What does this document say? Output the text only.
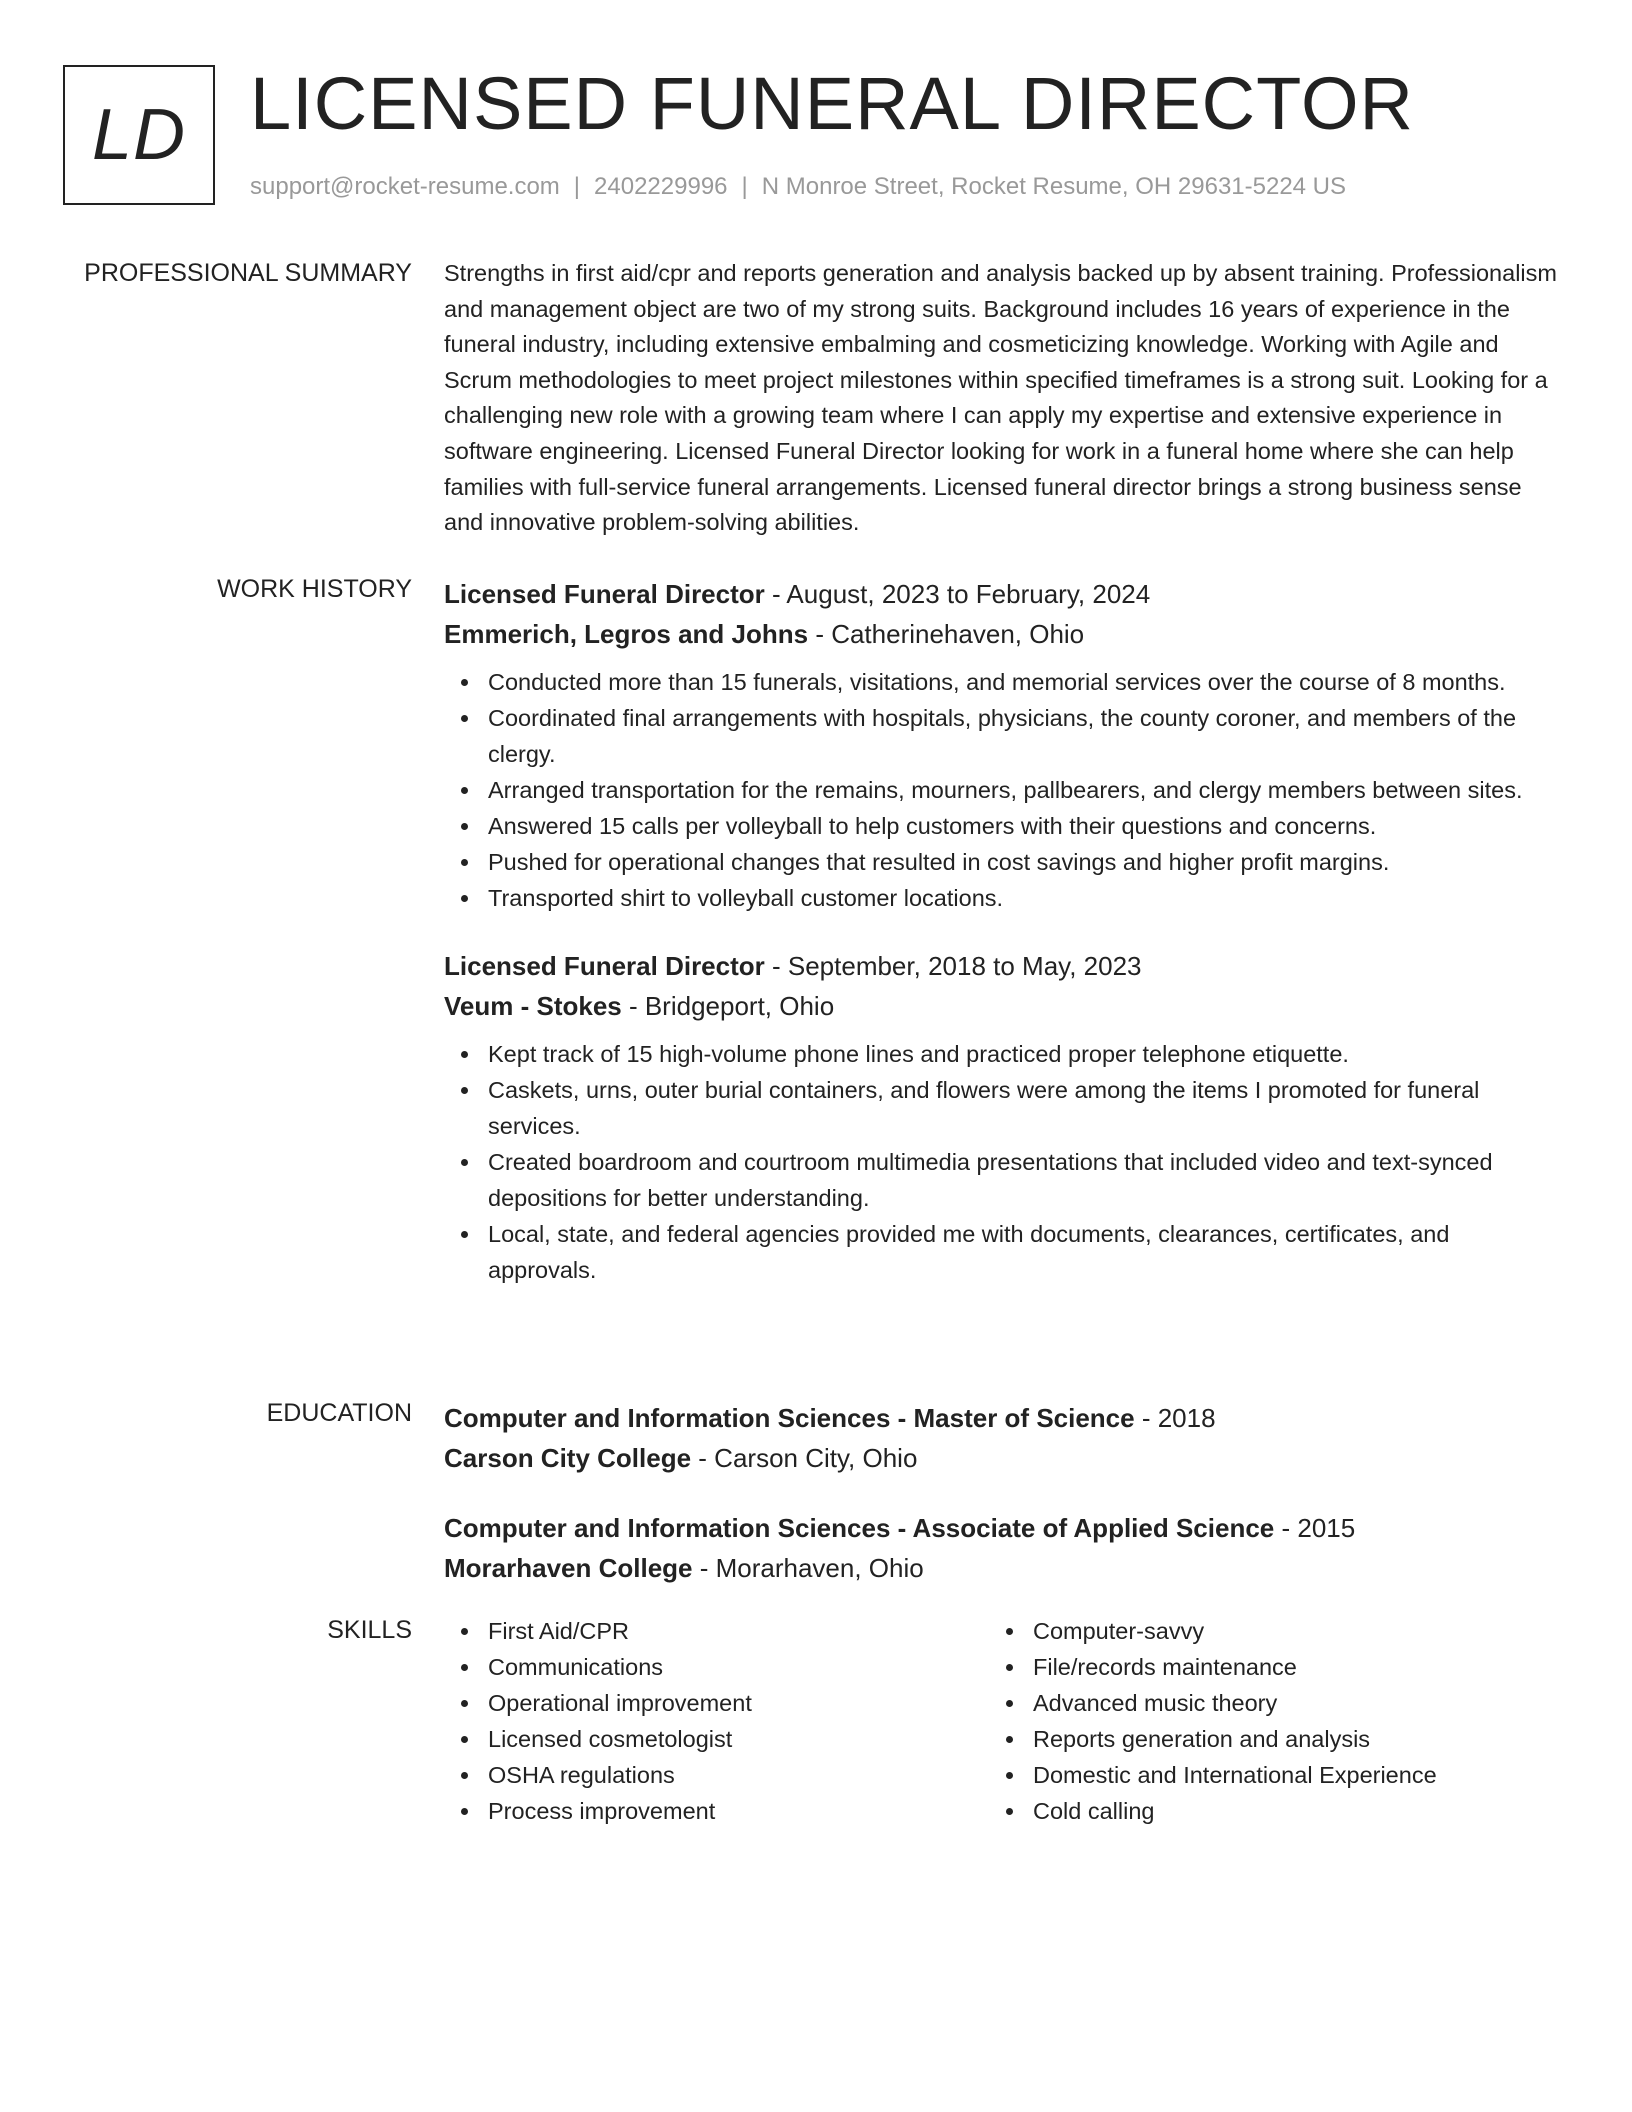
LD LICENSED FUNERAL DIRECTOR
support@rocket-resume.com | 2402229996 | N Monroe Street, Rocket Resume, OH 29631-5224 US
PROFESSIONAL SUMMARY Strengths in first aid/cpr and reports generation and analysis backed up by absent training. Professionalism and management object are two of my strong suits. Background includes 16 years of experience in the funeral industry, including extensive embalming and cosmeticizing knowledge. Working with Agile and Scrum methodologies to meet project milestones within specified timeframes is a strong suit. Looking for a challenging new role with a growing team where I can apply my expertise and extensive experience in software engineering. Licensed Funeral Director looking for work in a funeral home where she can help families with full-service funeral arrangements. Licensed funeral director brings a strong business sense and innovative problem-solving abilities.

WORK HISTORY Licensed Funeral Director - August, 2023 to February, 2024
Emmerich, Legros and Johns - Catherinehaven, Ohio
Conducted more than 15 funerals, visitations, and memorial services over the course of 8 months.
Coordinated final arrangements with hospitals, physicians, the county coroner, and members of the clergy.
Arranged transportation for the remains, mourners, pallbearers, and clergy members between sites.
Answered 15 calls per volleyball to help customers with their questions and concerns.
Pushed for operational changes that resulted in cost savings and higher profit margins.
Transported shirt to volleyball customer locations.
Licensed Funeral Director - September, 2018 to May, 2023
Veum - Stokes - Bridgeport, Ohio
Kept track of 15 high-volume phone lines and practiced proper telephone etiquette.
Caskets, urns, outer burial containers, and flowers were among the items I promoted for funeral services.
Created boardroom and courtroom multimedia presentations that included video and text-synced depositions for better understanding.
Local, state, and federal agencies provided me with documents, clearances, certificates, and approvals.
EDUCATION Computer and Information Sciences - Master of Science - 2018
Carson City College - Carson City, Ohio
Computer and Information Sciences - Associate of Applied Science - 2015
Morarhaven College - Morarhaven, Ohio
SKILLS	First Aid/CPR
Communications
Operational improvement
Licensed cosmetologist
OSHA regulations
Process improvement
Computer-savvy
File/records maintenance
Advanced music theory
Reports generation and analysis
Domestic and International Experience
Cold calling
